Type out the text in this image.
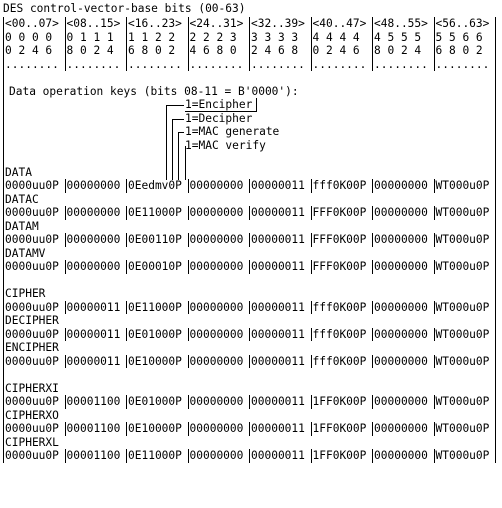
DES control-vector-base bits (00-63)
<00..07> <08..15> <16..23> <24..31> <32..39> <40..47> <48..55> <56..63>
0 0 0 0 0 1 1 1 1 1 2 2 2 2 2 3 3 3 3 3 4 4 4 4 4 5 5 5 5 5 6 6
0 2 4 6 8 0 2 4 6 8 0 2 4 6 8 0 2 4 6 8 0 2 4 6 8 0 2 4 6 8 0 2
........ ........ ........ ........ ........ ........ ........ ........
Data operation keys (bits 08-11 = B'0000'):
1=Encipher
1=Decipher
1=MAC generate
1=MAC verify
DATA
0000uu0P 00000000 0Eedmv0P 00000000 00000011 fff0K00P 00000000 WT000u0P
DATAC
0000uu0P 00000000 0E11000P 00000000 00000011 FFF0K00P 00000000 WT000u0P
DATAM
0000uu0P 00000000 0E00110P 00000000 00000011 FFF0K00P 00000000 WT000u0P
DATAMV
0000uu0P 00000000 0E00010P 00000000 00000011 FFF0K00P 00000000 WT000u0P
CIPHER
0000uu0P 00000011 0E11000P 00000000 00000011 fff0K00P 00000000 WT000u0P
DECIPHER
0000uu0P 00000011 0E01000P 00000000 00000011 fff0K00P 00000000 WT000u0P
ENCIPHER
0000uu0P 00000011 0E10000P 00000000 00000011 fff0K00P 00000000 WT000u0P
CIPHERXI
0000uu0P 00001100 0E01000P 00000000 00000011 1FF0K00P 00000000 WT000u0P
CIPHERXO
0000uu0P 00001100 0E10000P 00000000 00000011 1FF0K00P 00000000 WT000u0P
CIPHERXL
0000uu0P 00001100 0E11000P 00000000 00000011 1FF0K00P 00000000 WT000u0P
